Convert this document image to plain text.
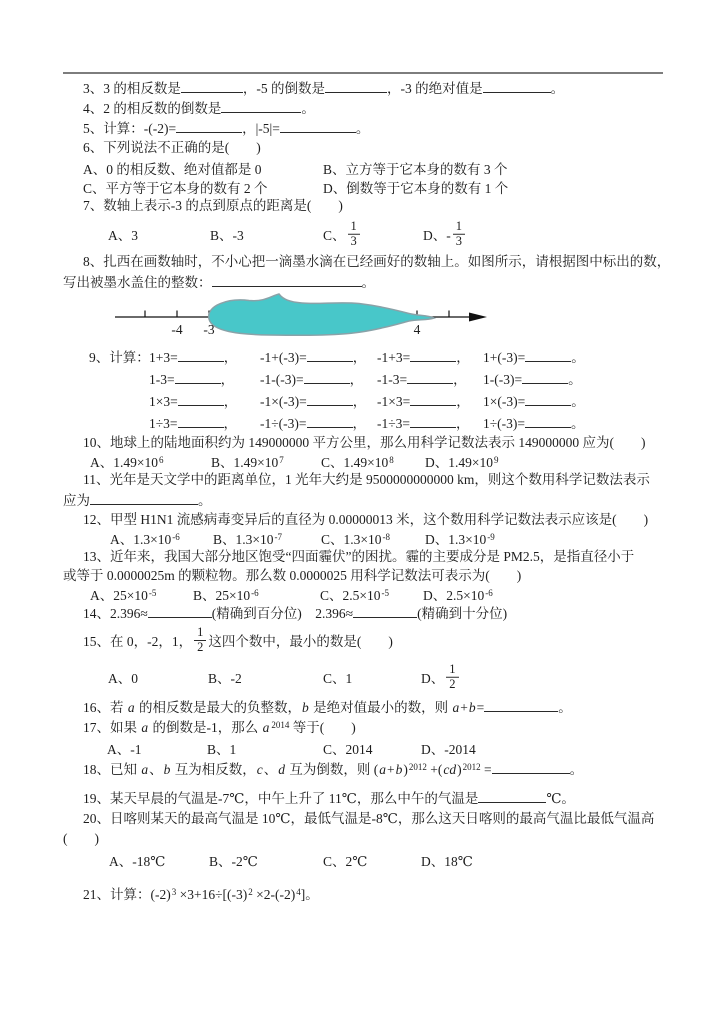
3、3 的相反数是	，-5 的倒数是	，-3 的绝对值是	。
4、2 的相反数的倒数是	。
5、计算：-(-2)=	，|-5|=	。
6、下列说法不正确的是(　　)
A、0 的相反数、绝对值都是 0	B、立方等于它本身的数有 3 个
C、平方等于它本身的数有 2 个	D、倒数等于它本身的数有 1 个
7、数轴上表示-3 的点到原点的距离是(　　)
A、3	B、-3	C、 $\frac{1}{3}$	D、- $\frac{1}{3}$
8、扎西在画数轴时，不小心把一滴墨水滴在已经画好的数轴上。如图所示，请根据图中标出的数，
写出被墨水盖住的整数：	。
-4 -3	4
9、计算： 1+3=	， -1+(-3)=	， -1+3=	， 1+(-3)=	。
1-3=	， -1-(-3)=	， -1-3=	， 1-(-3)=	。
1×3=	， -1×(-3)=	， -1×3=	， 1×(-3)=	。
1÷3=	， -1÷(-3)=	， -1÷3=	， 1÷(-3)=	。
10、地球上的陆地面积约为 149000000 平方公里，那么用科学记数法表示 149000000 应为(　　)
A、1.49×10 6	B、1.49×10 7	C、1.49×10 8 D、1.49×10 9
11、光年是天文学中的距离单位，1 光年大约是 9500000000000 km，则这个数用科学记数法表示
应为	。
12、甲型 H1N1 流感病毒变异后的直径为 0.00000013 米，这个数用科学记数法表示应该是(　　)
A、1.3×10 -6 B、1.3×10 -7	C、1.3×10 -8	D、1.3×10 -9
13、近年来，我国大部分地区饱受“四面霾伏”的困扰。霾的主要成分是 PM2.5，是指直径小于
或等于 0.0000025m 的颗粒物。那么数 0.0000025 用科学记数法可表示为(　　)
A、25×10 -5	B、25×10 -6	C、2.5×10 -5	D、2.5×10 -6
14、2.396≈	(精确到百分位)　2.396≈	(精确到十分位)
15、在 0，-2，1， $\frac{1}{2}$ 这四个数中，最小的数是(　　)
A、0	B、-2	C、1	D、 $\frac{1}{2}$
16、若 a 的相反数是最大的负整数，b 是绝对值最小的数，则 a+b=	。
17、如果 a 的倒数是-1，那么 a $^{2014}$ 等于(　　)
A、-1	B、1	C、2014	D、-2014
18、已知 a、b 互为相反数，c、d 互为倒数，则 $(a+b)^{2012} +(cd)^{2012}$ =	。
19、某天早晨的气温是-7℃，中午上升了 11℃，那么中午的气温是	℃。
20、日喀则某天的最高气温是 10℃，最低气温是-8℃，那么这天日喀则的最高气温比最低气温高
(　　)
A、-18℃	B、-2℃	C、2℃	D、18℃
21、计算：$(-2)^3 \times 3+16\div[(-3)^2 \times 2-(-2)^4]$。
